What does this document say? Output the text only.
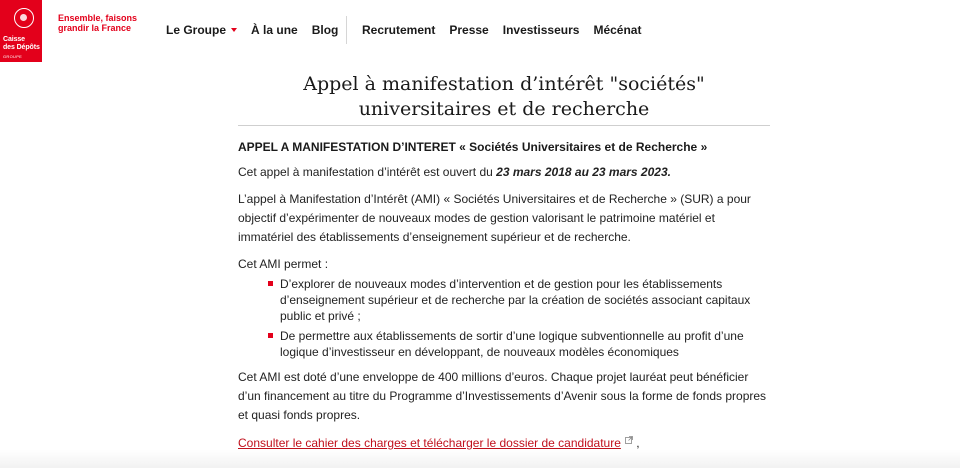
Caisse
des Dépôts
GROUPE
Ensemble, faisons grandir la France	Le Groupe À la une Blog Recrutement Presse Investisseurs Mécénat
Appel à manifestation d’intérêt "sociétés" universitaires et de recherche

APPEL A MANIFESTATION D’INTERET « Sociétés Universitaires et de Recherche »

Cet appel à manifestation d’intérêt est ouvert du 23 mars 2018 au 23 mars 2023.

L’appel à Manifestation d’Intérêt (AMI) « Sociétés Universitaires et de Recherche » (SUR) a pour objectif d’expérimenter de nouveaux modes de gestion valorisant le patrimoine matériel et immatériel des établissements d’enseignement supérieur et de recherche.

Cet AMI permet :

D’explorer de nouveaux modes d’intervention et de gestion pour les établissements d’enseignement supérieur et de recherche par la création de sociétés associant capitaux public et privé ;
De permettre aux établissements de sortir d’une logique subventionnelle au profit d’une logique d’investisseur en développant, de nouveaux modèles économiques

Cet AMI est doté d’une enveloppe de 400 millions d’euros. Chaque projet lauréat peut bénéficier d’un financement au titre du Programme d’Investissements d’Avenir sous la forme de fonds propres et quasi fonds propres.

Consulter le cahier des charges et télécharger le dossier de candidature ,
